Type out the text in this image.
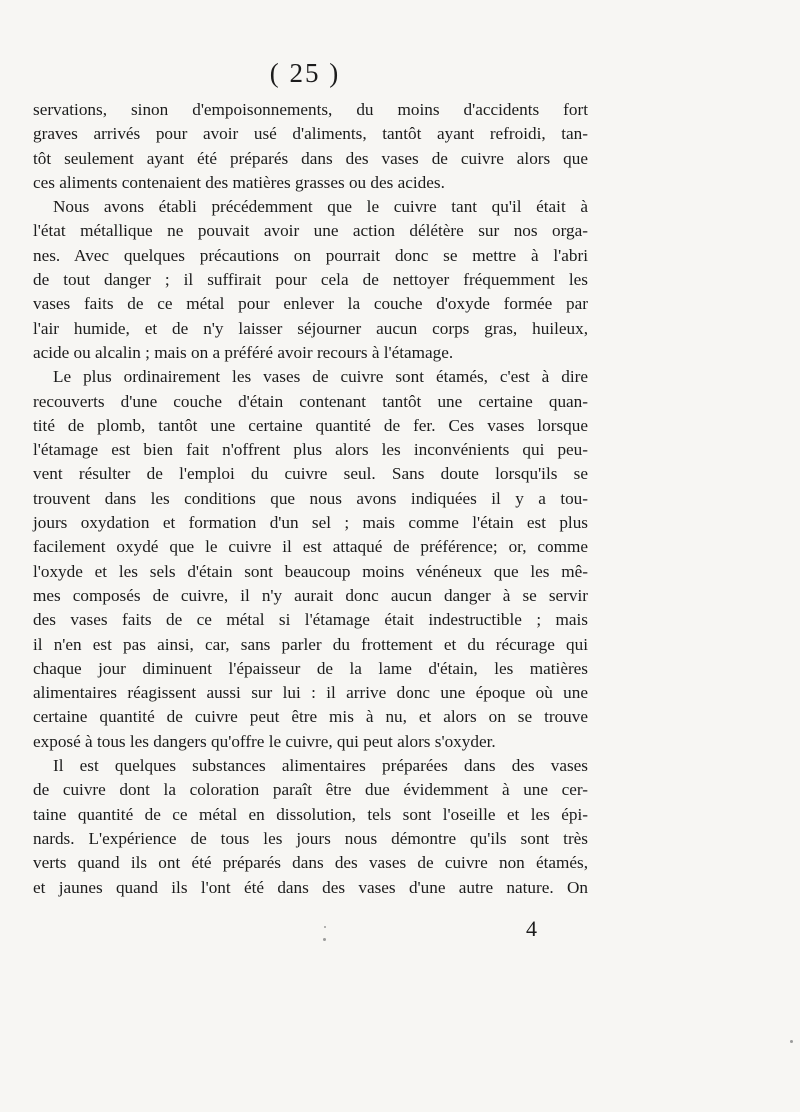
( 25 )

servations, sinon d'empoisonnements, du moins d'accidents fort
graves arrivés pour avoir usé d'aliments, tantôt ayant refroidi, tan-
tôt seulement ayant été préparés dans des vases de cuivre alors que
ces aliments contenaient des matières grasses ou des acides.

Nous avons établi précédemment que le cuivre tant qu'il était à
l'état métallique ne pouvait avoir une action délétère sur nos orga-
nes. Avec quelques précautions on pourrait donc se mettre à l'abri
de tout danger ; il suffirait pour cela de nettoyer fréquemment les
vases faits de ce métal pour enlever la couche d'oxyde formée par
l'air humide, et de n'y laisser séjourner aucun corps gras, huileux,
acide ou alcalin ; mais on a préféré avoir recours à l'étamage.

Le plus ordinairement les vases de cuivre sont étamés, c'est à dire
recouverts d'une couche d'étain contenant tantôt une certaine quan-
tité de plomb, tantôt une certaine quantité de fer. Ces vases lorsque
l'étamage est bien fait n'offrent plus alors les inconvénients qui peu-
vent résulter de l'emploi du cuivre seul. Sans doute lorsqu'ils se
trouvent dans les conditions que nous avons indiquées il y a tou-
jours oxydation et formation d'un sel ; mais comme l'étain est plus
facilement oxydé que le cuivre il est attaqué de préférence; or, comme
l'oxyde et les sels d'étain sont beaucoup moins vénéneux que les mê-
mes composés de cuivre, il n'y aurait donc aucun danger à se servir
des vases faits de ce métal si l'étamage était indestructible ; mais
il n'en est pas ainsi, car, sans parler du frottement et du récurage qui
chaque jour diminuent l'épaisseur de la lame d'étain, les matières
alimentaires réagissent aussi sur lui : il arrive donc une époque où une
certaine quantité de cuivre peut être mis à nu, et alors on se trouve
exposé à tous les dangers qu'offre le cuivre, qui peut alors s'oxyder.

Il est quelques substances alimentaires préparées dans des vases
de cuivre dont la coloration paraît être due évidemment à une cer-
taine quantité de ce métal en dissolution, tels sont l'oseille et les épi-
nards. L'expérience de tous les jours nous démontre qu'ils sont très
verts quand ils ont été préparés dans des vases de cuivre non étamés,
et jaunes quand ils l'ont été dans des vases d'une autre nature. On

4
